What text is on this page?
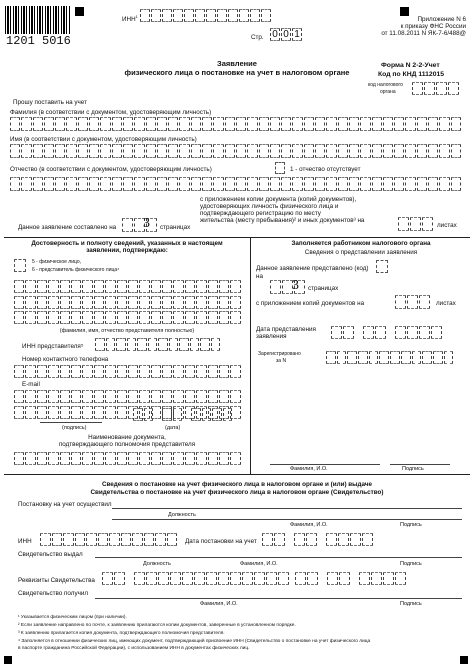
1201 5016
ИНН$^1$
Стр. 0 0 1
Приложение N 6
к приказу ФНС России
от 11.08.2011 N ЯК-7-6/488@
Заявление
физического лица о постановке на учет в налоговом органе
Форма N 2-2-Учет
Код по КНД 1112015
код налогового
органа
Прошу поставить на учет
Фамилия (в соответствии с документом, удостоверяющим личность)
Имя (в соответствии с документом, удостоверяющим личность)
Отчество (в соответствии с документом, удостоверяющим личность)	1 - отчество отсутствует
Данное заявление составлено на 3 страницах
с приложением копии документа (копий документов),
удостоверяющих личность физического лица и
подтверждающего регистрацию по месту
жительства (месту пребывания)² и иных документов³ на
листах
Достоверность и полноту сведений, указанных в настоящем
заявлении, подтверждаю:
5 - физическое лицо,
6 - представитель физического лица⁴
(фамилия, имя, отчество представителя полностью)
ИНН представителя⁵
Номер контактного телефона
E-mail
(подпись)	(дата)
Наименование документа,
подтверждающего полномочия представителя
Заполняется работником налогового органа
Сведения о представлении заявления
Данное заявление представлено (код)
на
3 страницах
с приложением копий документов на	листах
Дата представления
заявления
Зарегистрировано
за N
Фамилия, И.О.	Подпись
Сведения о постановке на учет физического лица в налоговом органе и (или) выдаче
Свидетельства о постановке на учет физического лица в налоговом органе (Свидетельство)
Постановку на учет осуществил
Должность
Фамилия, И.О.	Подпись
ИНН	Дата постановки на учет
Свидетельство выдал
Должность	Фамилия, И.О.	Подпись
Реквизиты Свидетельства
Свидетельство получил
Фамилия, И.О.	Подпись
¹ Указывается физическим лицом (при наличии).
² Если заявление направлено по почте, к заявлению прилагаются копии документов, заверенные в установленном порядке.
³ К заявлению прилагается копия документа, подтверждающего полномочия представителя.
⁴ Заполняется в отношении физических лиц, имеющих документ, подтверждающий присвоение ИНН (Свидетельство о постановке на учет физического лица
в паспорте гражданина Российской Федерации), с использованием ИНН в документах физических лиц.
